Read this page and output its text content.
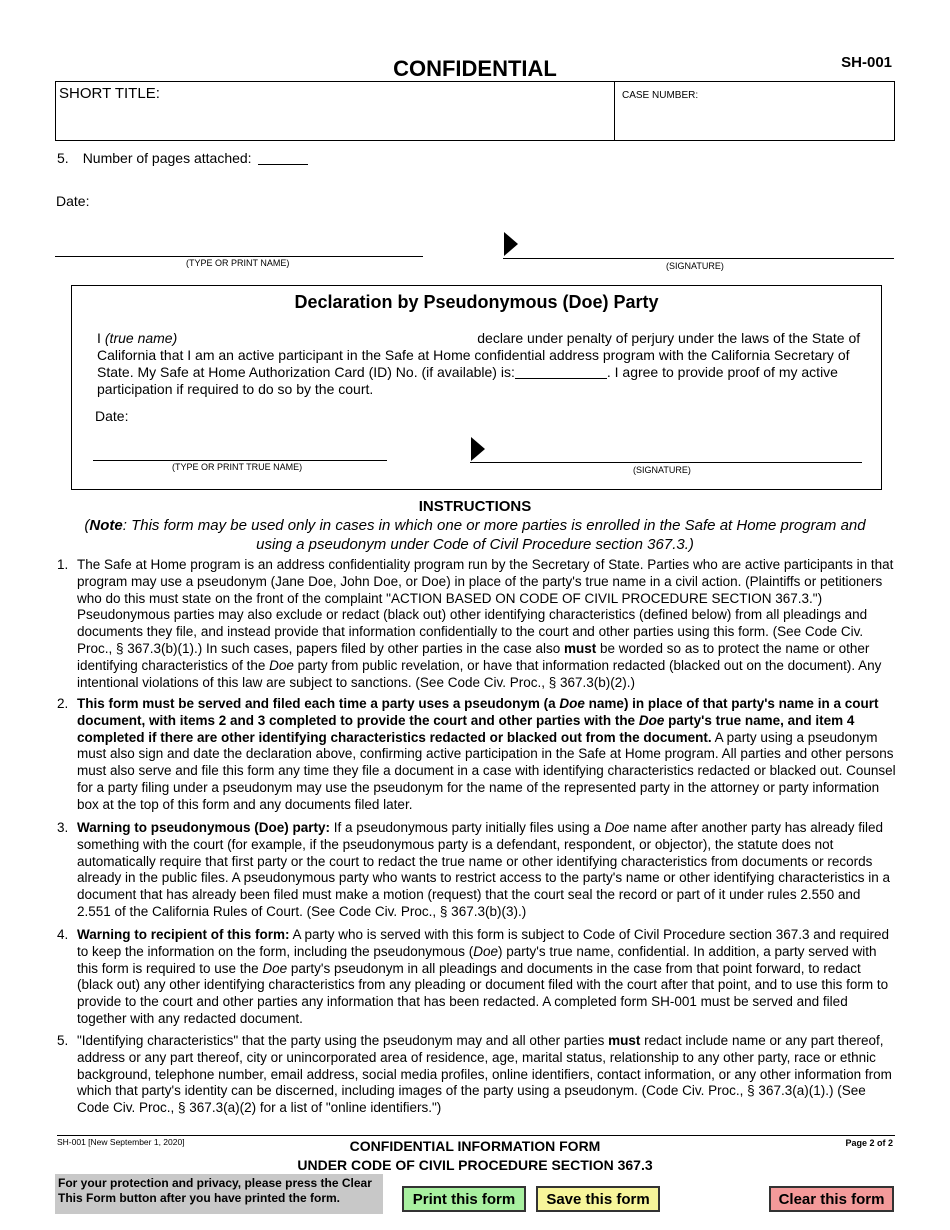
CONFIDENTIAL	SH-001
SHORT TITLE:	CASE NUMBER:
5. Number of pages attached:
Date:
(TYPE OR PRINT NAME)	(SIGNATURE)
Declaration by Pseudonymous (Doe) Party
I (true name)	declare under penalty of perjury under the laws of the State of California that I am an active participant in the Safe at Home confidential address program with the California Secretary of State. My Safe at Home Authorization Card (ID) No. (if available) is:	. I agree to provide proof of my active participation if required to do so by the court.
Date:
(TYPE OR PRINT TRUE NAME)	(SIGNATURE)
INSTRUCTIONS
(Note: This form may be used only in cases in which one or more parties is enrolled in the Safe at Home program and using a pseudonym under Code of Civil Procedure section 367.3.)
1. The Safe at Home program is an address confidentiality program run by the Secretary of State. Parties who are active participants in that program may use a pseudonym (Jane Doe, John Doe, or Doe) in place of the party's true name in a civil action. (Plaintiffs or petitioners who do this must state on the front of the complaint "ACTION BASED ON CODE OF CIVIL PROCEDURE SECTION 367.3.") Pseudonymous parties may also exclude or redact (black out) other identifying characteristics (defined below) from all pleadings and documents they file, and instead provide that information confidentially to the court and other parties using this form. (See Code Civ. Proc., § 367.3(b)(1).) In such cases, papers filed by other parties in the case also must be worded so as to protect the name or other identifying characteristics of the Doe party from public revelation, or have that information redacted (blacked out on the document). Any intentional violations of this law are subject to sanctions. (See Code Civ. Proc., § 367.3(b)(2).)
2. This form must be served and filed each time a party uses a pseudonym (a Doe name) in place of that party's name in a court document, with items 2 and 3 completed to provide the court and other parties with the Doe party's true name, and item 4 completed if there are other identifying characteristics redacted or blacked out from the document. A party using a pseudonym must also sign and date the declaration above, confirming active participation in the Safe at Home program. All parties and other persons must also serve and file this form any time they file a document in a case with identifying characteristics redacted or blacked out. Counsel for a party filing under a pseudonym may use the pseudonym for the name of the represented party in the attorney or party information box at the top of this form and any documents filed later.
3. Warning to pseudonymous (Doe) party: If a pseudonymous party initially files using a Doe name after another party has already filed something with the court (for example, if the pseudonymous party is a defendant, respondent, or objector), the statute does not automatically require that first party or the court to redact the true name or other identifying characteristics from documents or records already in the public files. A pseudonymous party who wants to restrict access to the party's name or other identifying characteristics in a document that has already been filed must make a motion (request) that the court seal the record or part of it under rules 2.550 and 2.551 of the California Rules of Court. (See Code Civ. Proc., § 367.3(b)(3).)
4. Warning to recipient of this form: A party who is served with this form is subject to Code of Civil Procedure section 367.3 and required to keep the information on the form, including the pseudonymous (Doe) party's true name, confidential. In addition, a party served with this form is required to use the Doe party's pseudonym in all pleadings and documents in the case from that point forward, to redact (black out) any other identifying characteristics from any pleading or document filed with the court after that point, and to use this form to provide to the court and other parties any information that has been redacted. A completed form SH-001 must be served and filed together with any redacted document.
5. "Identifying characteristics" that the party using the pseudonym may and all other parties must redact include name or any part thereof, address or any part thereof, city or unincorporated area of residence, age, marital status, relationship to any other party, race or ethnic background, telephone number, email address, social media profiles, online identifiers, contact information, or any other information from which that party's identity can be discerned, including images of the party using a pseudonym. (Code Civ. Proc., § 367.3(a)(1).) (See Code Civ. Proc., § 367.3(a)(2) for a list of "online identifiers.")
SH-001 [New September 1, 2020]	CONFIDENTIAL INFORMATION FORM
UNDER CODE OF CIVIL PROCEDURE SECTION 367.3
Page 2 of 2
For your protection and privacy, please press the Clear
This Form button after you have printed the form.	Print this form	Save this form	Clear this form
